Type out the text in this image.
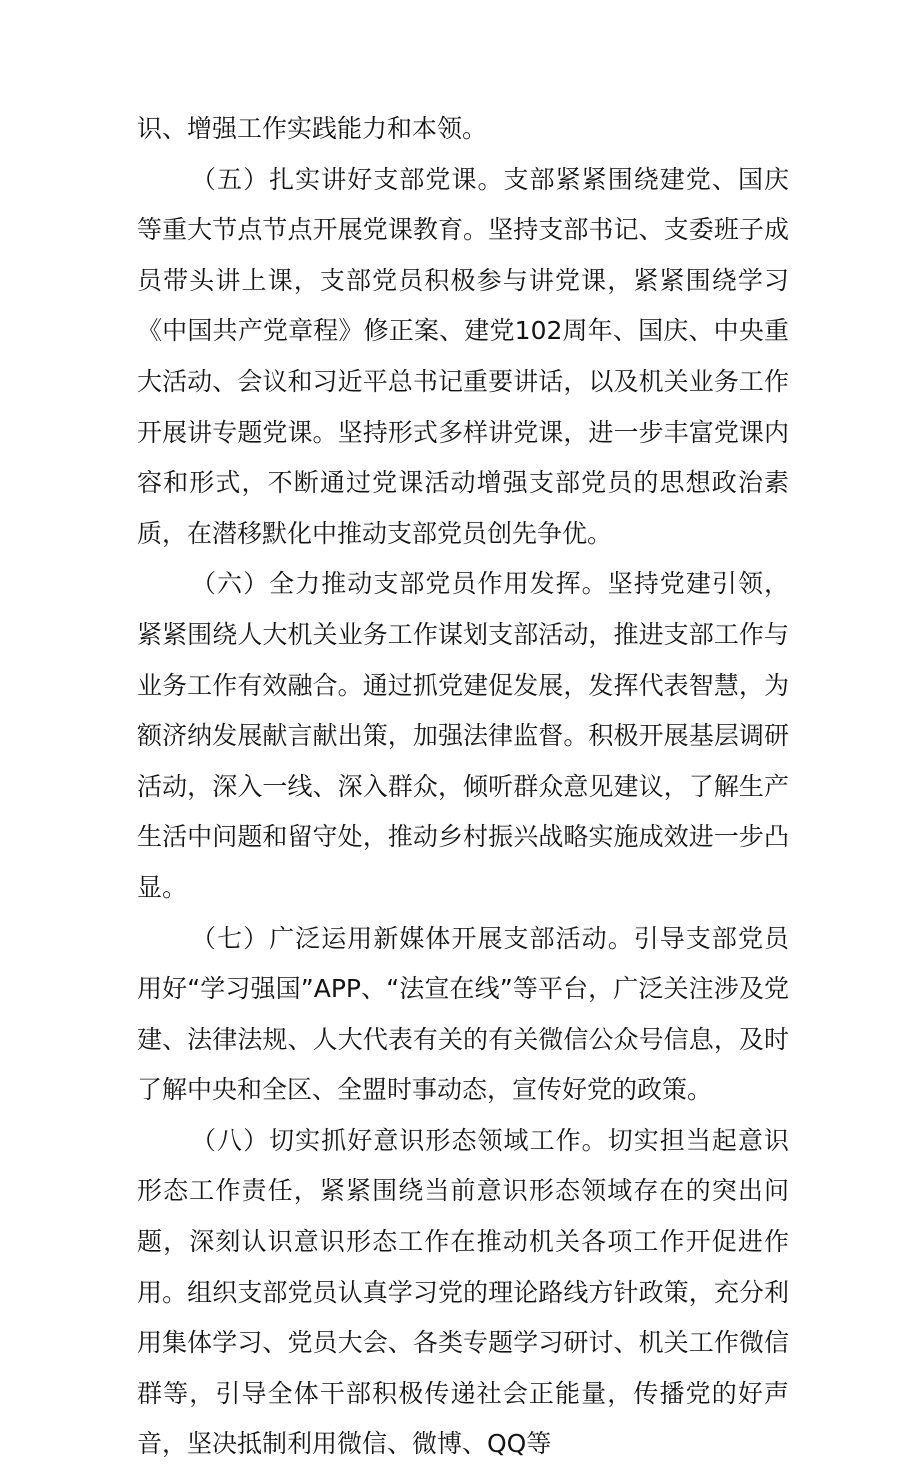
识、增强工作实践能力和本领。

（五）扎实讲好支部党课。支部紧紧围绕建党、国庆等重大节点节点开展党课教育。坚持支部书记、支委班子成员带头讲上课，支部党员积极参与讲党课，紧紧围绕学习《中国共产党章程》修正案、建党102周年、国庆、中央重大活动、会议和习近平总书记重要讲话，以及机关业务工作开展讲专题党课。坚持形式多样讲党课，进一步丰富党课内容和形式，不断通过党课活动增强支部党员的思想政治素质，在潜移默化中推动支部党员创先争优。

（六）全力推动支部党员作用发挥。坚持党建引领，紧紧围绕人大机关业务工作谋划支部活动，推进支部工作与业务工作有效融合。通过抓党建促发展，发挥代表智慧，为额济纳发展献言献出策，加强法律监督。积极开展基层调研活动，深入一线、深入群众，倾听群众意见建议，了解生产生活中问题和留守处，推动乡村振兴战略实施成效进一步凸显。

（七）广泛运用新媒体开展支部活动。引导支部党员用好“学习强国”APP、“法宣在线”等平台，广泛关注涉及党建、法律法规、人大代表有关的有关微信公众号信息，及时了解中央和全区、全盟时事动态，宣传好党的政策。

（八）切实抓好意识形态领域工作。切实担当起意识形态工作责任，紧紧围绕当前意识形态领域存在的突出问题，深刻认识意识形态工作在推动机关各项工作开促进作用。组织支部党员认真学习党的理论路线方针政策，充分利用集体学习、党员大会、各类专题学习研讨、机关工作微信群等，引导全体干部积极传递社会正能量，传播党的好声音，坚决抵制利用微信、微博、QQ等
